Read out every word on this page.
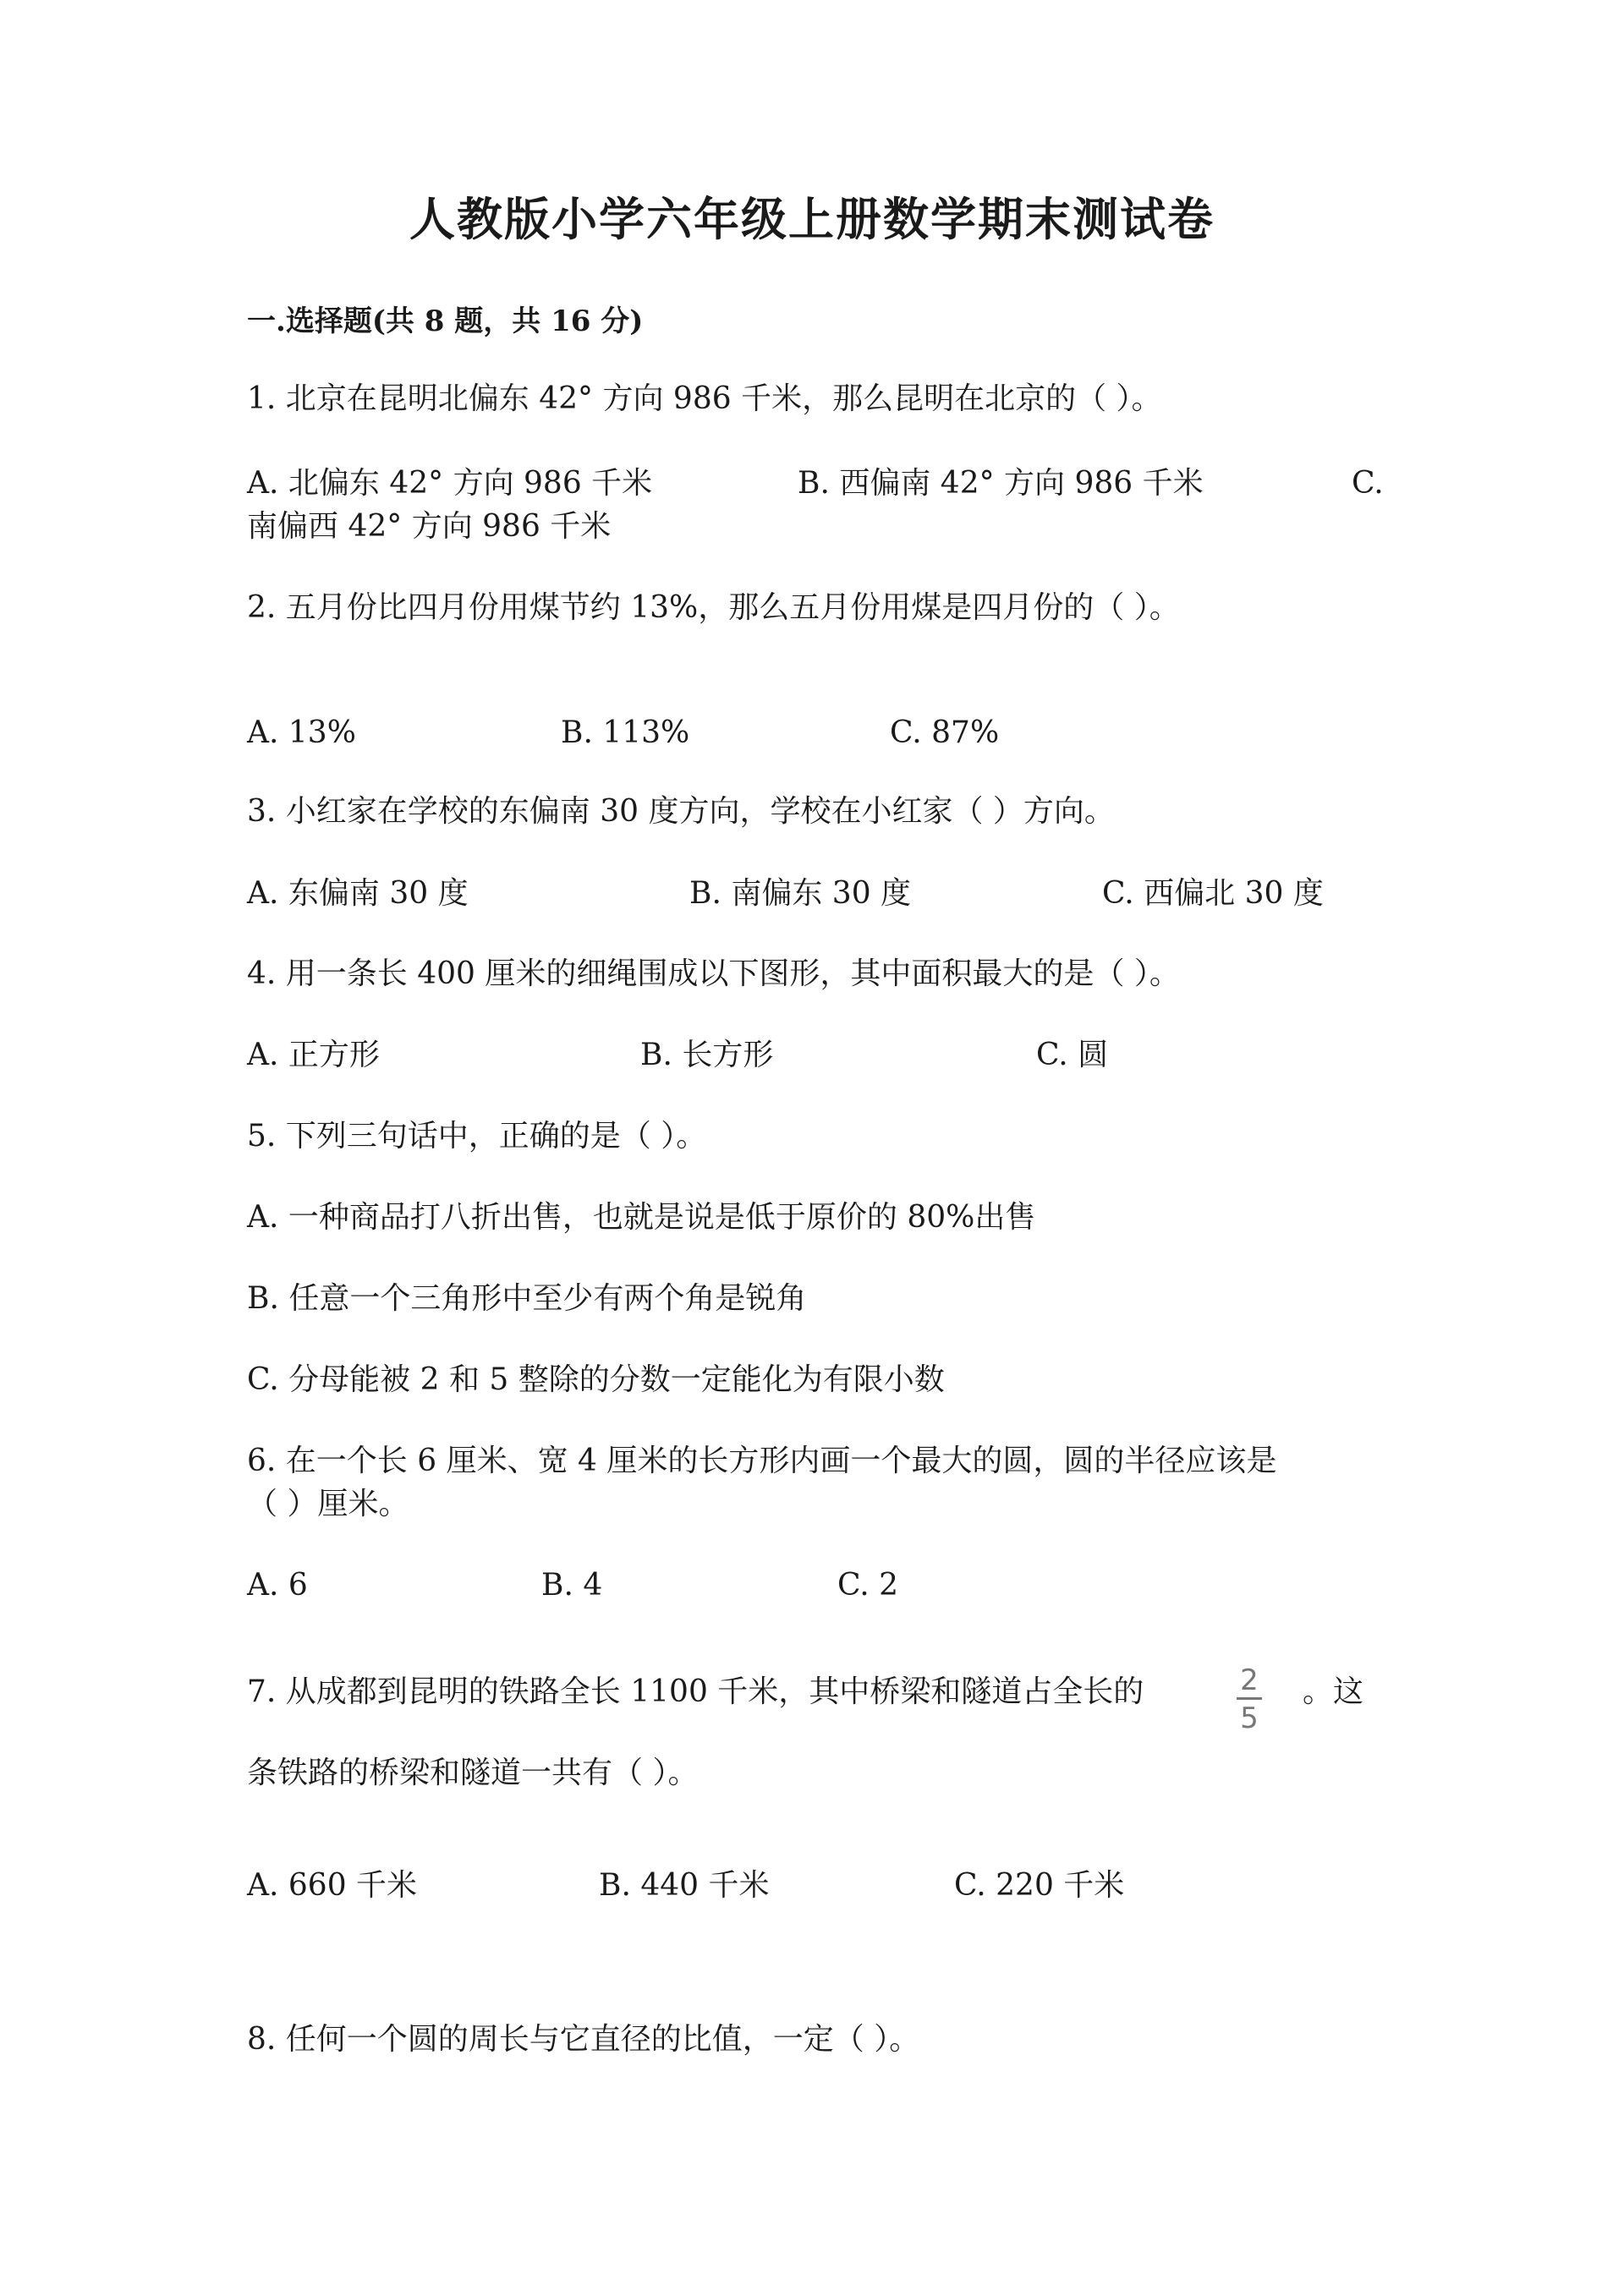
人教版小学六年级上册数学期末测试卷
一.选择题(共 8 题，共 16 分)
1. 北京在昆明北偏东 42° 方向 986 千米，那么昆明在北京的（ ）。
A. 北偏东 42° 方向 986 千米	B. 西偏南 42° 方向 986 千米	C.
南偏西 42° 方向 986 千米
2. 五月份比四月份用煤节约 13%，那么五月份用煤是四月份的（ ）。
A. 13%	B. 113%	C. 87%
3. 小红家在学校的东偏南 30 度方向，学校在小红家（ ）方向。
A. 东偏南 30 度	B. 南偏东 30 度	C. 西偏北 30 度
4. 用一条长 400 厘米的细绳围成以下图形，其中面积最大的是（ ）。
A. 正方形	B. 长方形	C. 圆
5. 下列三句话中，正确的是（ ）。
A. 一种商品打八折出售，也就是说是低于原价的 80%出售
B. 任意一个三角形中至少有两个角是锐角
C. 分母能被 2 和 5 整除的分数一定能化为有限小数
6. 在一个长 6 厘米、宽 4 厘米的长方形内画一个最大的圆，圆的半径应该是
（ ）厘米。
A. 6	B. 4	C. 2
7. 从成都到昆明的铁路全长 1100 千米，其中桥梁和隧道占全长的	2
5
。这
条铁路的桥梁和隧道一共有（ ）。
A. 660 千米	B. 440 千米	C. 220 千米
8. 任何一个圆的周长与它直径的比值，一定（ ）。
